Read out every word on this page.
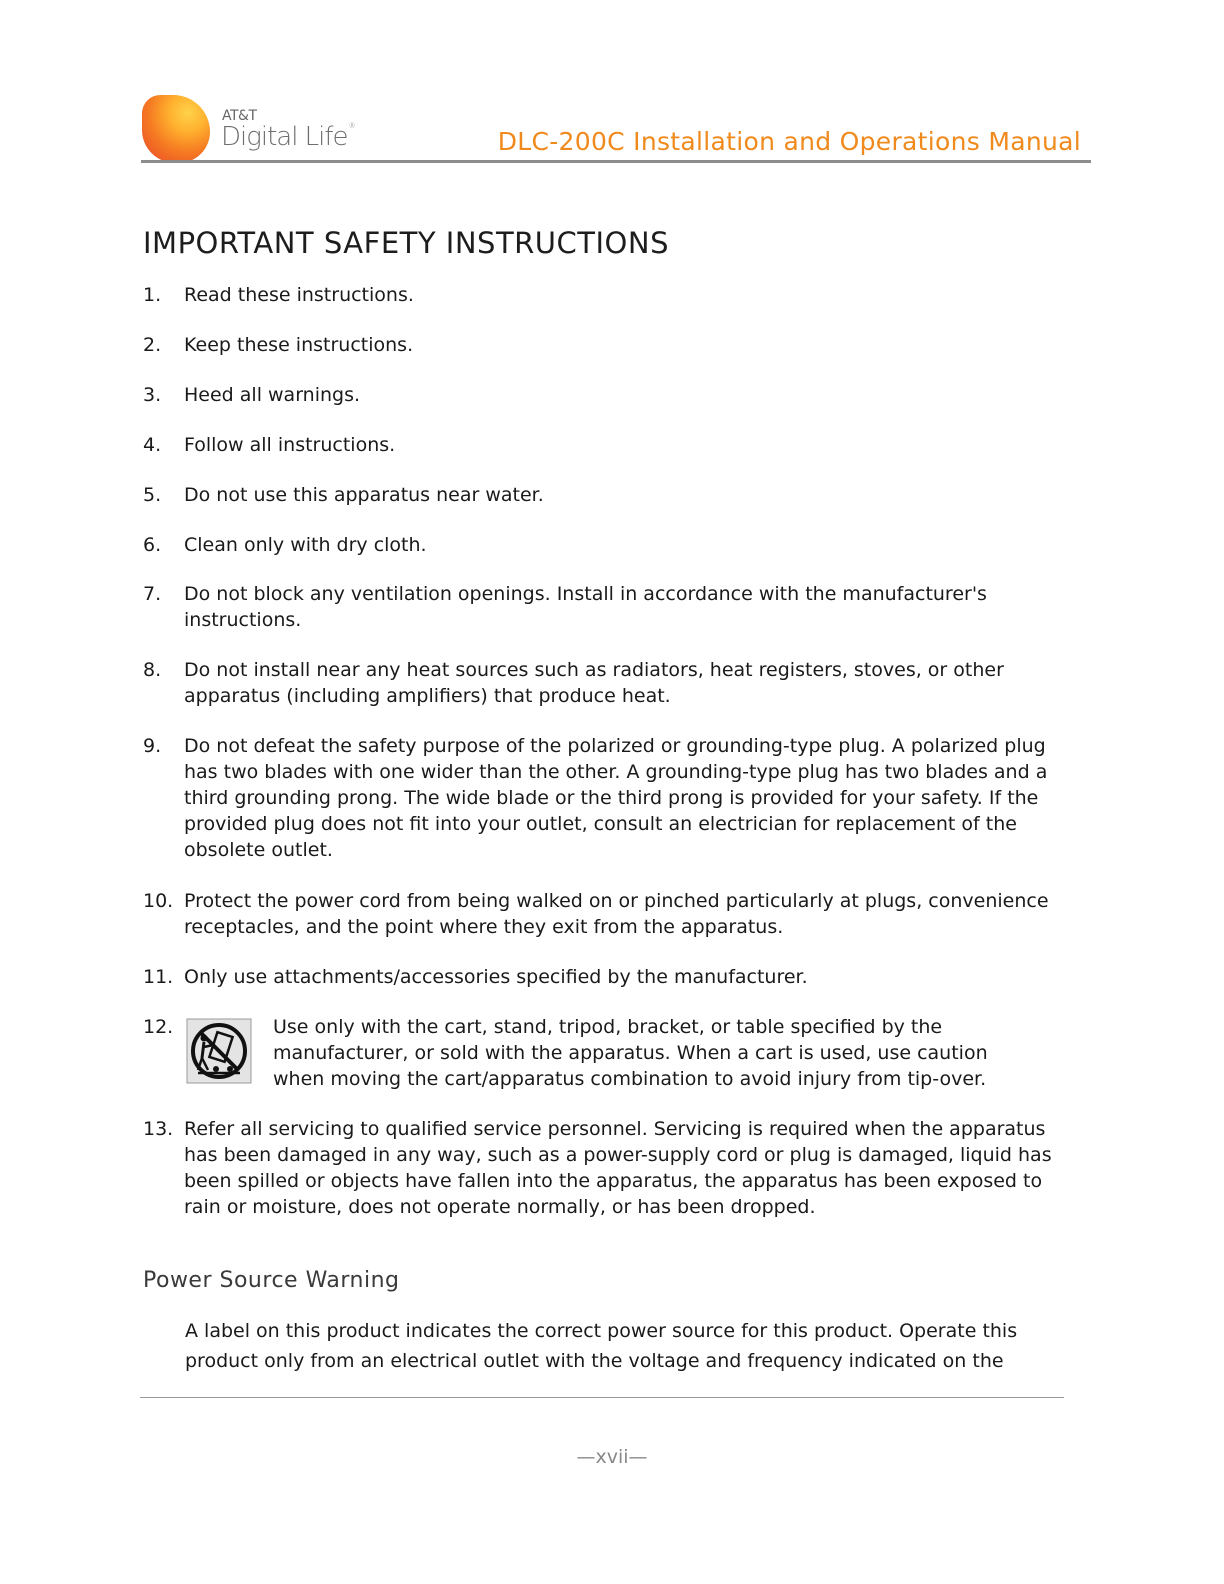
AT&T
Digital Life®
DLC-200C Installation and Operations Manual
IMPORTANT SAFETY INSTRUCTIONS
1. Read these instructions.
2. Keep these instructions.
3. Heed all warnings.
4. Follow all instructions.
5. Do not use this apparatus near water.
6. Clean only with dry cloth.
7. Do not block any ventilation openings. Install in accordance with the manufacturer's instructions.
8. Do not install near any heat sources such as radiators, heat registers, stoves, or other apparatus (including amplifiers) that produce heat.
9. Do not defeat the safety purpose of the polarized or grounding-type plug. A polarized plug has two blades with one wider than the other. A grounding-type plug has two blades and a third grounding prong. The wide blade or the third prong is provided for your safety. If the provided plug does not fit into your outlet, consult an electrician for replacement of the obsolete outlet.
10. Protect the power cord from being walked on or pinched particularly at plugs, convenience receptacles, and the point where they exit from the apparatus.
11. Only use attachments/accessories specified by the manufacturer.
12.	Use only with the cart, stand, tripod, bracket, or table specified by the manufacturer, or sold with the apparatus. When a cart is used, use caution when moving the cart/apparatus combination to avoid injury from tip-over.
13. Refer all servicing to qualified service personnel. Servicing is required when the apparatus has been damaged in any way, such as a power-supply cord or plug is damaged, liquid has been spilled or objects have fallen into the apparatus, the apparatus has been exposed to rain or moisture, does not operate normally, or has been dropped.
Power Source Warning

A label on this product indicates the correct power source for this product. Operate this product only from an electrical outlet with the voltage and frequency indicated on the

—xvii—
